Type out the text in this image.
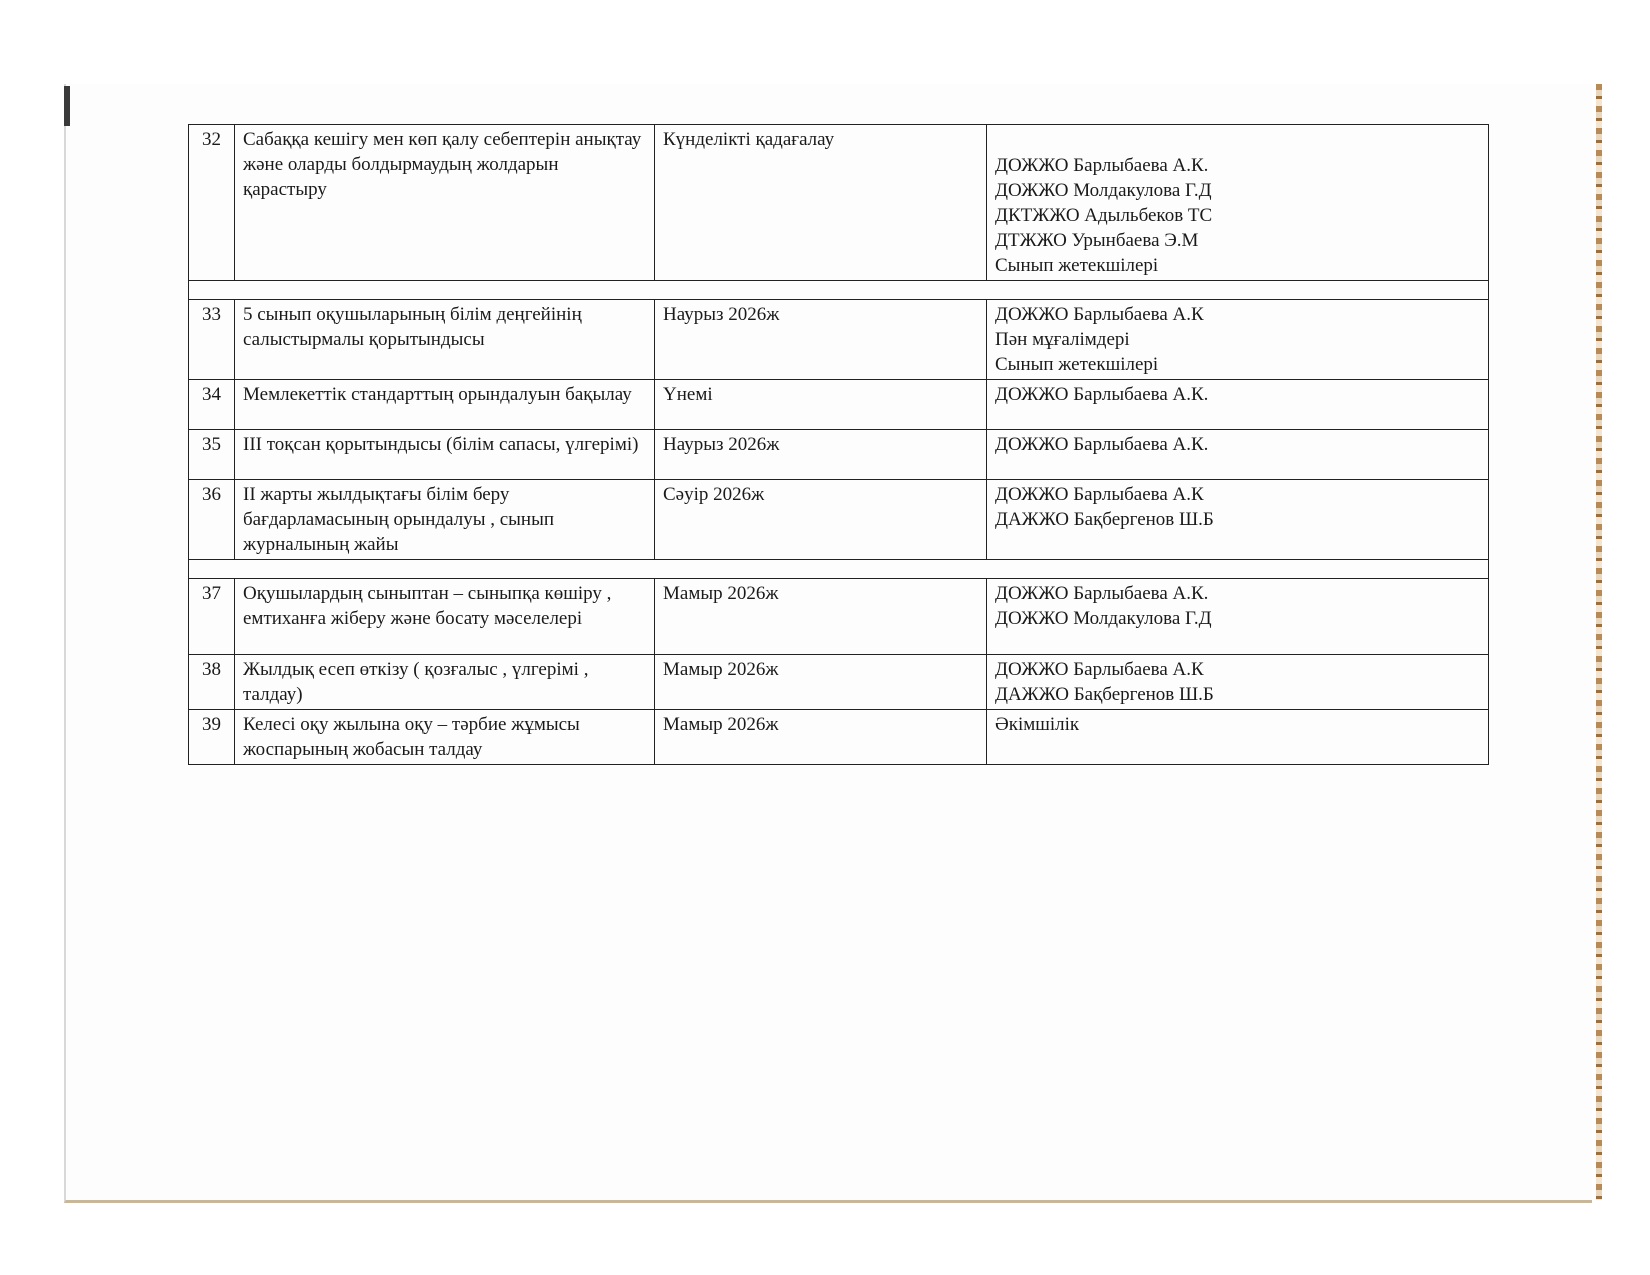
32	Сабаққа кешігу мен көп қалу себептерін анықтау және оларды болдырмаудың жолдарын қарастыру	Күнделікті қадағалау	ДОЖЖО Барлыбаева А.К.
ДОЖЖО Молдакулова Г.Д
ДКТЖЖО Адыльбеков ТС
ДТЖЖО Урынбаева Э.М
Сынып жетекшілері

33	5 сынып оқушыларының білім деңгейінің салыстырмалы қорытындысы	Наурыз 2026ж	ДОЖЖО Барлыбаева А.К
Пән мұғалімдері
Сынып жетекшілері

34	Мемлекеттік стандарттың орындалуын бақылау	Үнемі	ДОЖЖО Барлыбаева А.К.

35	ІІІ тоқсан қорытындысы (білім сапасы, үлгерімі)	Наурыз 2026ж	ДОЖЖО Барлыбаева А.К.

36	ІІ жарты жылдықтағы білім беру бағдарламасының орындалуы , сынып журналының жайы	Сәуір 2026ж	ДОЖЖО Барлыбаева А.К
ДАЖЖО Бақбергенов Ш.Б

37	Оқушылардың сыныптан – сыныпқа көшіру , емтиханға жіберу және босату мәселелері	Мамыр 2026ж	ДОЖЖО Барлыбаева А.К.
ДОЖЖО Молдакулова Г.Д

38	Жылдық есеп өткізу ( қозғалыс , үлгерімі , талдау)	Мамыр 2026ж	ДОЖЖО Барлыбаева А.К
ДАЖЖО Бақбергенов Ш.Б

39	Келесі оқу жылына оқу – тәрбие жұмысы жоспарының жобасын талдау	Мамыр 2026ж	Әкімшілік
